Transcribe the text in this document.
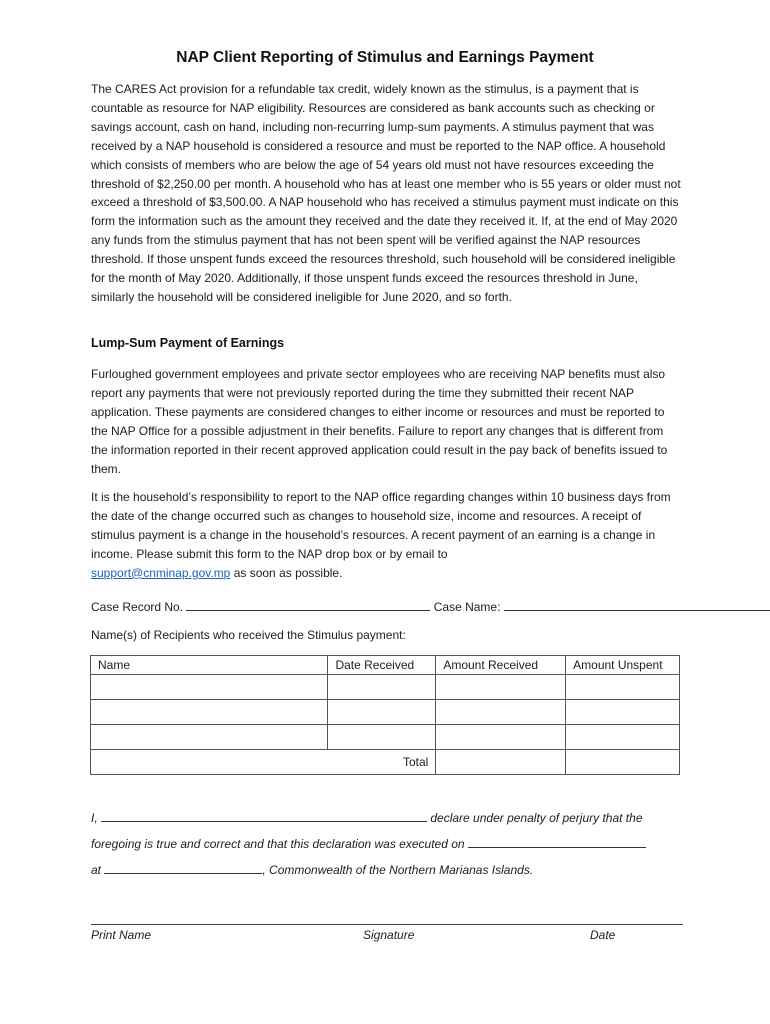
NAP Client Reporting of Stimulus and Earnings Payment

The CARES Act provision for a refundable tax credit, widely known as the stimulus, is a payment that is countable as resource for NAP eligibility. Resources are considered as bank accounts such as checking or savings account, cash on hand, including non-recurring lump-sum payments. A stimulus payment that was received by a NAP household is considered a resource and must be reported to the NAP office. A household which consists of members who are below the age of 54 years old must not have resources exceeding the threshold of $2,250.00 per month. A household who has at least one member who is 55 years or older must not exceed a threshold of $3,500.00. A NAP household who has received a stimulus payment must indicate on this form the information such as the amount they received and the date they received it. If, at the end of May 2020 any funds from the stimulus payment that has not been spent will be verified against the NAP resources threshold. If those unspent funds exceed the resources threshold, such household will be considered ineligible for the month of May 2020. Additionally, if those unspent funds exceed the resources threshold in June, similarly the household will be considered ineligible for June 2020, and so forth.

Lump-Sum Payment of Earnings

Furloughed government employees and private sector employees who are receiving NAP benefits must also report any payments that were not previously reported during the time they submitted their recent NAP application. These payments are considered changes to either income or resources and must be reported to the NAP Office for a possible adjustment in their benefits. Failure to report any changes that is different from the information reported in their recent approved application could result in the pay back of benefits issued to them.

It is the household’s responsibility to report to the NAP office regarding changes within 10 business days from the date of the change occurred such as changes to household size, income and resources. A receipt of stimulus payment is a change in the household’s resources. A recent payment of an earning is a change in income. Please submit this form to the NAP drop box or by email to
support@cnminap.gov.mp as soon as possible.

Case Record No.	Case Name:
Name(s) of Recipients who received the Stimulus payment:
Name	Date Received	Amount Received	Amount Unspent

Total			
I,	declare under penalty of perjury that the
foregoing is true and correct and that this declaration was executed on
at	, Commonwealth of the Northern Marianas Islands.
Print Name	Signature	Date
